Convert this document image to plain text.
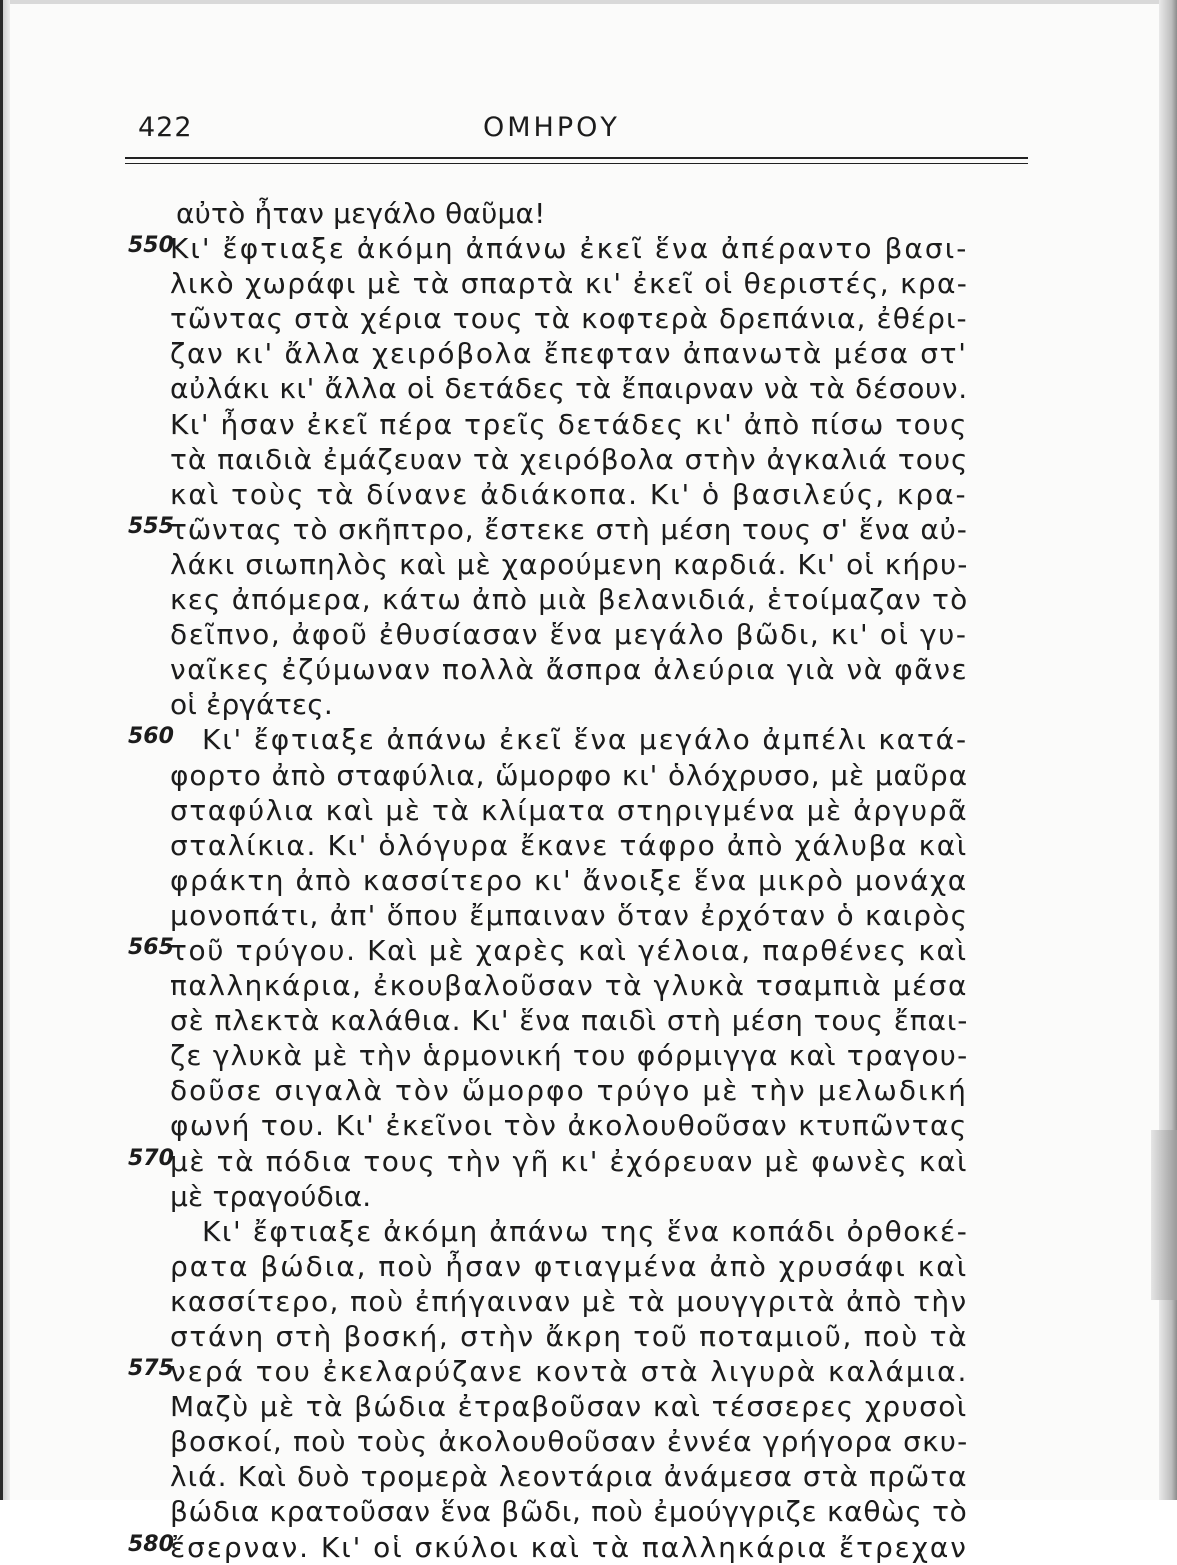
422	ΟΜΗΡΟΥ
αὐτὸ ἦταν μεγάλο θαῦμα!
550
Κι' ἔφτιαξε ἀκόμη ἀπάνω ἐκεῖ ἕνα ἀπέραντο βασι-
λικὸ χωράφι μὲ τὰ σπαρτὰ κι' ἐκεῖ οἱ θεριστές, κρα-
τῶντας στὰ χέρια τους τὰ κοφτερὰ δρεπάνια, ἐθέρι-
ζαν κι' ἄλλα χειρόβολα ἔπεφταν ἀπανωτὰ μέσα στ'
αὐλάκι κι' ἄλλα οἱ δετάδες τὰ ἔπαιρναν νὰ τὰ δέσουν.
Κι' ἦσαν ἐκεῖ πέρα τρεῖς δετάδες κι' ἀπὸ πίσω τους
τὰ παιδιὰ ἐμάζευαν τὰ χειρόβολα στὴν ἀγκαλιά τους
καὶ τοὺς τὰ δίνανε ἀδιάκοπα. Κι' ὁ βασιλεύς, κρα-
555
τῶντας τὸ σκῆπτρο, ἔστεκε στὴ μέση τους σ' ἕνα αὐ-
λάκι σιωπηλὸς καὶ μὲ χαρούμενη καρδιά. Κι' οἱ κήρυ-
κες ἀπόμερα, κάτω ἀπὸ μιὰ βελανιδιά, ἑτοίμαζαν τὸ
δεῖπνο, ἀφοῦ ἐθυσίασαν ἕνα μεγάλο βῶδι, κι' οἱ γυ-
ναῖκες ἐζύμωναν πολλὰ ἄσπρα ἀλεύρια γιὰ νὰ φᾶνε
οἱ ἐργάτες.
560 Κι' ἔφτιαξε ἀπάνω ἐκεῖ ἕνα μεγάλο ἀμπέλι κατά-
φορτο ἀπὸ σταφύλια, ὥμορφο κι' ὁλόχρυσο, μὲ μαῦρα
σταφύλια καὶ μὲ τὰ κλίματα στηριγμένα μὲ ἀργυρᾶ
σταλίκια. Κι' ὁλόγυρα ἔκανε τάφρο ἀπὸ χάλυβα καὶ
φράκτη ἀπὸ κασσίτερο κι' ἄνοιξε ἕνα μικρὸ μονάχα
μονοπάτι, ἀπ' ὅπου ἔμπαιναν ὅταν ἐρχόταν ὁ καιρὸς
565
τοῦ τρύγου. Καὶ μὲ χαρὲς καὶ γέλοια, παρθένες καὶ
παλληκάρια, ἐκουβαλοῦσαν τὰ γλυκὰ τσαμπιὰ μέσα
σὲ πλεκτὰ καλάθια. Κι' ἕνα παιδὶ στὴ μέση τους ἔπαι-
ζε γλυκὰ μὲ τὴν ἁρμονική του φόρμιγγα καὶ τραγου-
δοῦσε σιγαλὰ τὸν ὥμορφο τρύγο μὲ τὴν μελωδική
φωνή του. Κι' ἐκεῖνοι τὸν ἀκολουθοῦσαν κτυπῶντας
570
μὲ τὰ πόδια τους τὴν γῆ κι' ἐχόρευαν μὲ φωνὲς καὶ
μὲ τραγούδια.
Κι' ἔφτιαξε ἀκόμη ἀπάνω της ἕνα κοπάδι ὀρθοκέ-
ρατα βώδια, ποὺ ἦσαν φτιαγμένα ἀπὸ χρυσάφι καὶ
κασσίτερο, ποὺ ἐπήγαιναν μὲ τὰ μουγγριτὰ ἀπὸ τὴν
στάνη στὴ βοσκή, στὴν ἄκρη τοῦ ποταμιοῦ, ποὺ τὰ
575
νερά του ἐκελαρύζανε κοντὰ στὰ λιγυρὰ καλάμια.
Μαζὺ μὲ τὰ βώδια ἐτραβοῦσαν καὶ τέσσερες χρυσοὶ
βοσκοί, ποὺ τοὺς ἀκολουθοῦσαν ἐννέα γρήγορα σκυ-
λιά. Καὶ δυὸ τρομερὰ λεοντάρια ἀνάμεσα στὰ πρῶτα
βώδια κρατοῦσαν ἕνα βῶδι, ποὺ ἐμούγγριζε καθὼς τὸ
580
ἔσερναν. Κι' οἱ σκύλοι καὶ τὰ παλληκάρια ἔτρεχαν
